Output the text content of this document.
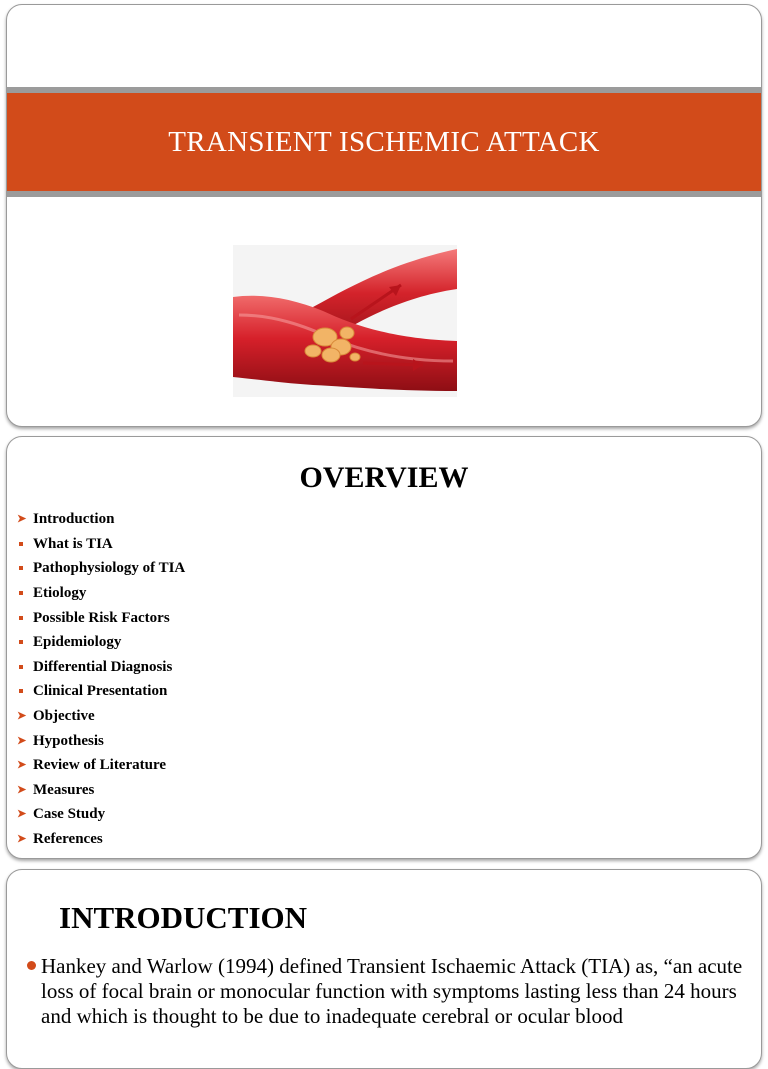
TRANSIENT ISCHEMIC ATTACK
OVERVIEW
➤ Introduction
What is TIA
Pathophysiology of TIA
Etiology
Possible Risk Factors
Epidemiology
Differential Diagnosis
Clinical Presentation
➤ Objective
➤ Hypothesis
➤ Review of Literature
➤ Measures
➤ Case Study
➤ References
INTRODUCTION
Hankey and Warlow (1994) defined Transient Ischaemic Attack (TIA) as, “an acute loss of focal brain or monocular function with symptoms lasting less than 24 hours and which is thought to be due to inadequate cerebral or ocular blood
